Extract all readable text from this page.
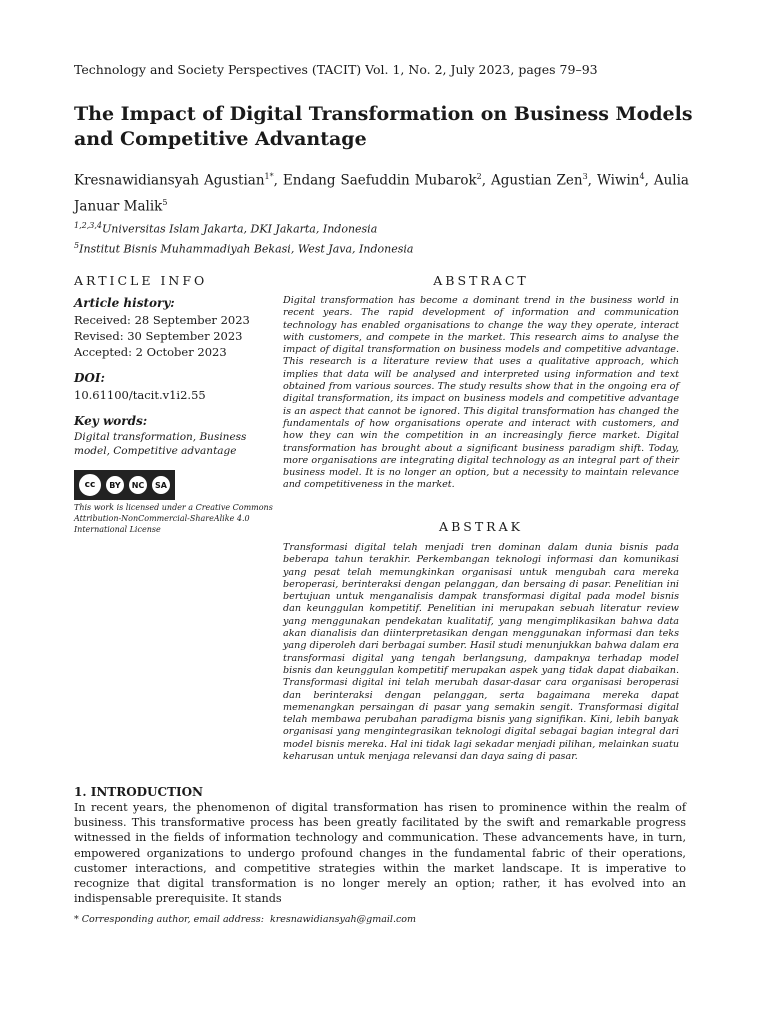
Technology and Society Perspectives (TACIT) Vol. 1, No. 2, July 2023, pages 79–93
The Impact of Digital Transformation on Business Models and Competitive Advantage
Kresnawidiansyah Agustian$^{1*}$, Endang Saefuddin Mubarok$^2$, Agustian Zen$^3$, Wiwin$^4$, Aulia Januar Malik$^5$
$^{1,2,3,4}$Universitas Islam Jakarta, DKI Jakarta, Indonesia
$^5$Institut Bisnis Muhammadiyah Bekasi, West Java, Indonesia
ARTICLE INFO
Article history:
Received: 28 September 2023
Revised: 30 September 2023
Accepted: 2 October 2023
DOI:
10.61100/tacit.v1i2.55
Key words:
Digital transformation, Business model, Competitive advantage
cc	BY	NC	SA
This work is licensed under a Creative Commons Attribution-NonCommercial-ShareAlike 4.0 International License
ABSTRACT
Digital transformation has become a dominant trend in the business world in recent years. The rapid development of information and communication technology has enabled organisations to change the way they operate, interact with customers, and compete in the market. This research aims to analyse the impact of digital transformation on business models and competitive advantage. This research is a literature review that uses a qualitative approach, which implies that data will be analysed and interpreted using information and text obtained from various sources. The study results show that in the ongoing era of digital transformation, its impact on business models and competitive advantage is an aspect that cannot be ignored. This digital transformation has changed the fundamentals of how organisations operate and interact with customers, and how they can win the competition in an increasingly fierce market. Digital transformation has brought about a significant business paradigm shift. Today, more organisations are integrating digital technology as an integral part of their business model. It is no longer an option, but a necessity to maintain relevance and competitiveness in the market.
ABSTRAK
Transformasi digital telah menjadi tren dominan dalam dunia bisnis pada beberapa tahun terakhir. Perkembangan teknologi informasi dan komunikasi yang pesat telah memungkinkan organisasi untuk mengubah cara mereka beroperasi, berinteraksi dengan pelanggan, dan bersaing di pasar. Penelitian ini bertujuan untuk menganalisis dampak transformasi digital pada model bisnis dan keunggulan kompetitif. Penelitian ini merupakan sebuah literatur review yang menggunakan pendekatan kualitatif, yang mengimplikasikan bahwa data akan dianalisis dan diinterpretasikan dengan menggunakan informasi dan teks yang diperoleh dari berbagai sumber. Hasil studi menunjukkan bahwa dalam era transformasi digital yang tengah berlangsung, dampaknya terhadap model bisnis dan keunggulan kompetitif merupakan aspek yang tidak dapat diabaikan. Transformasi digital ini telah merubah dasar-dasar cara organisasi beroperasi dan berinteraksi dengan pelanggan, serta bagaimana mereka dapat memenangkan persaingan di pasar yang semakin sengit. Transformasi digital telah membawa perubahan paradigma bisnis yang signifikan. Kini, lebih banyak organisasi yang mengintegrasikan teknologi digital sebagai bagian integral dari model bisnis mereka. Hal ini tidak lagi sekadar menjadi pilihan, melainkan suatu keharusan untuk menjaga relevansi dan daya saing di pasar.
1. INTRODUCTION
In recent years, the phenomenon of digital transformation has risen to prominence within the realm of business. This transformative process has been greatly facilitated by the swift and remarkable progress witnessed in the fields of information technology and communication. These advancements have, in turn, empowered organizations to undergo profound changes in the fundamental fabric of their operations, customer interactions, and competitive strategies within the market landscape. It is imperative to recognize that digital transformation is no longer merely an option; rather, it has evolved into an indispensable prerequisite. It stands
* Corresponding author, email address: kresnawidiansyah@gmail.com
